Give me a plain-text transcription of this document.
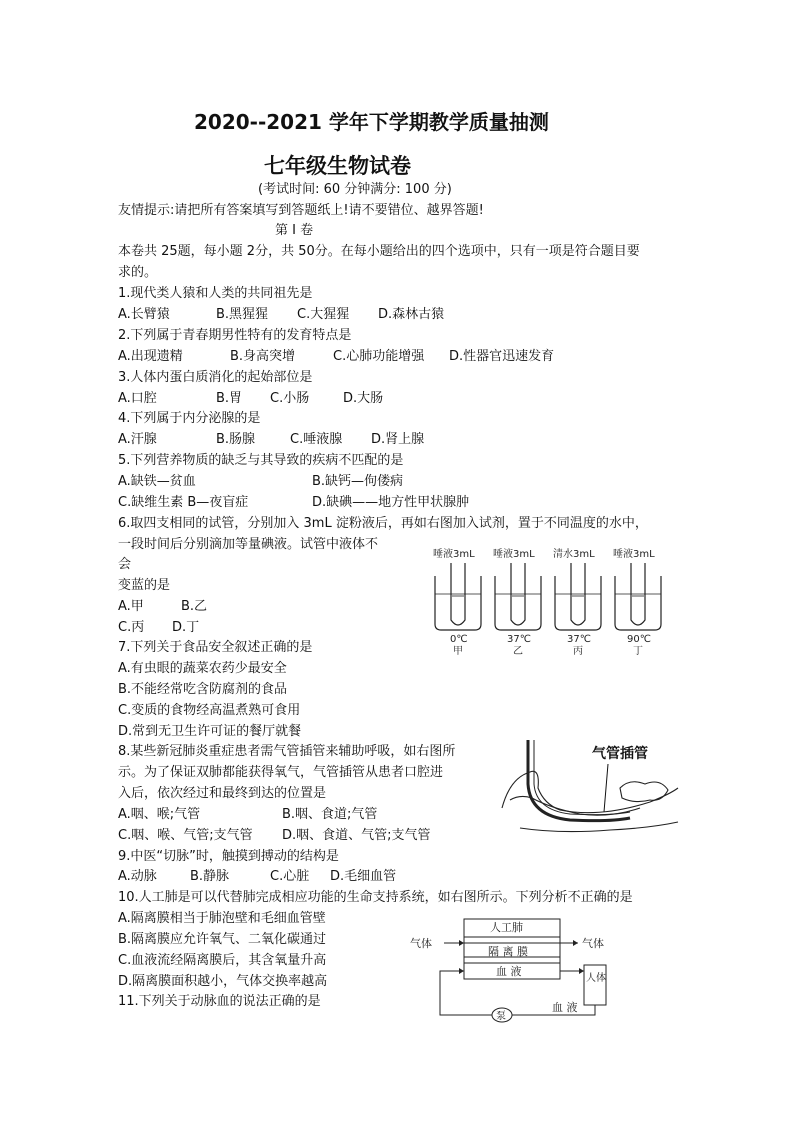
2020--2021 学年下学期教学质量抽测
七年级生物试卷
(考试时间: 60 分钟满分: 100 分)
友情提示:请把所有答案填写到答题纸上!请不要错位、越界答题!
第 I 卷
本卷共 25题，每小题 2分，共 50分。在每小题给出的四个选项中，只有一项是符合题目要
求的。
1.现代类人猿和人类的共同祖先是
A.长臂猿	B.黑猩猩 C.大猩猩 D.森林古猿
2.下列属于青春期男性特有的发育特点是
A.出现遗精	B.身高突增	C.心肺功能增强 D.性器官迅速发育
3.人体内蛋白质消化的起始部位是
A.口腔	B.胃 C.小肠	D.大肠
4.下列属于内分泌腺的是
A.汗腺	B.肠腺	C.唾液腺 D.肾上腺
5.下列营养物质的缺乏与其导致的疾病不匹配的是
A.缺铁—贫血	B.缺钙—佝偻病
C.缺维生素 B—夜盲症	D.缺碘——地方性甲状腺肿
6.取四支相同的试管，分别加入 3mL 淀粉液后，再如右图加入试剂，置于不同温度的水中，
一段时间后分别滴加等量碘液。试管中液体不
会
变蓝的是
A.甲	B.乙
C.丙 D.丁
唾液3mL 唾液3mL 清水3mL 唾液3mL
0℃	37℃	37℃	90℃
甲	乙	丙	丁
7.下列关于食品安全叙述正确的是
A.有虫眼的蔬菜农药少最安全
B.不能经常吃含防腐剂的食品
C.变质的食物经高温煮熟可食用
D.常到无卫生许可证的餐厅就餐
8.某些新冠肺炎重症患者需气管插管来辅助呼吸，如右图所
示。为了保证双肺都能获得氧气，气管插管从患者口腔进
入后，依次经过和最终到达的位置是
A.咽、喉;气管	B.咽、食道;气管
C.咽、喉、气管;支气管 D.咽、食道、气管;支气管
气管插管
9.中医“切脉”时，触摸到搏动的结构是
A.动脉	B.静脉	C.心脏 D.毛细血管
10.人工肺是可以代替肺完成相应功能的生命支持系统，如右图所示。下列分析不正确的是
A.隔离膜相当于肺泡壁和毛细血管壁
B.隔离膜应允许氧气、二氧化碳通过
C.血液流经隔离膜后，其含氧量升高
D.隔离膜面积越小，气体交换率越高
11.下列关于动脉血的说法正确的是
人工肺
气体	气体
隔 离 膜
血 液
人体
血 液
泵
